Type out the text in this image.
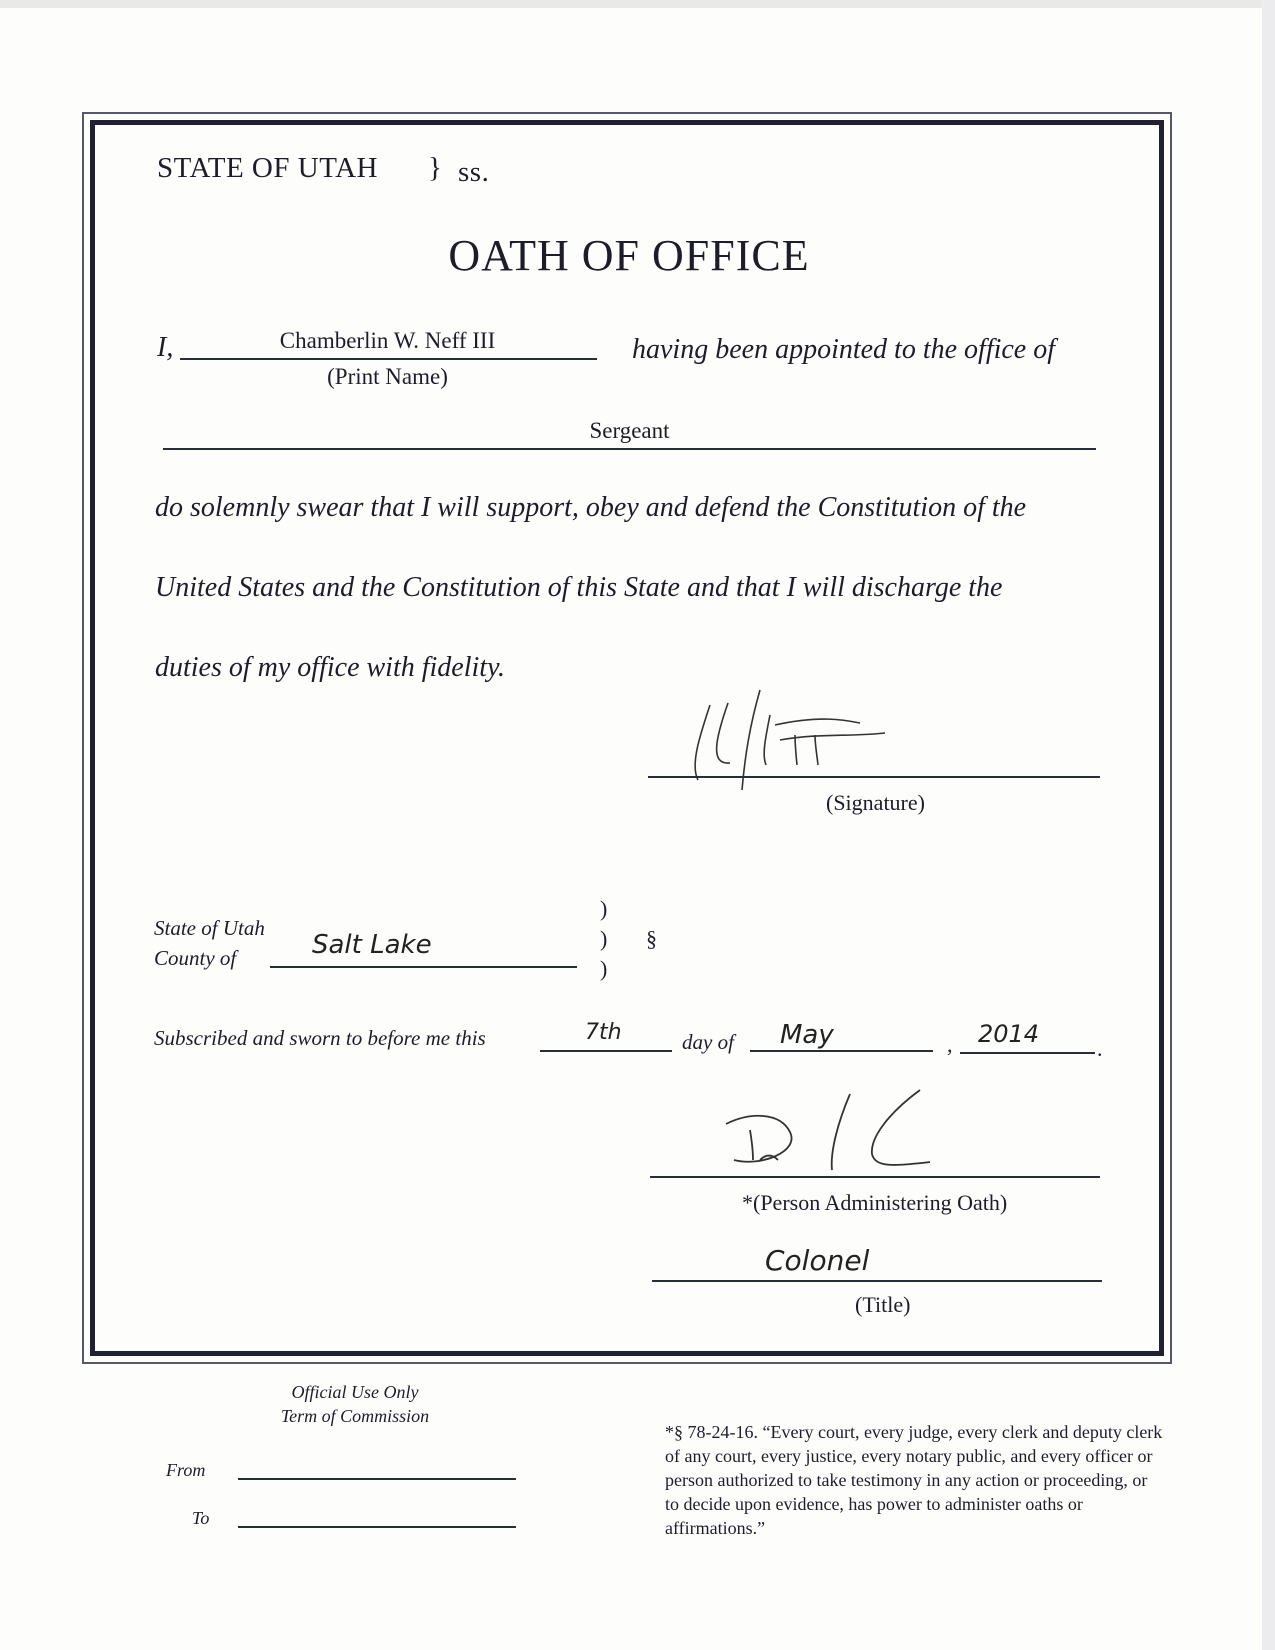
STATE OF UTAH } ss.
OATH OF OFFICE
I,	Chamberlin W. Neff III
(Print Name)
having been appointed to the office of
Sergeant
do solemnly swear that I will support, obey and defend the Constitution of the
United States and the Constitution of this State and that I will discharge the
duties of my office with fidelity.
(Signature)
State of Utah
County of	Salt Lake
)
)
)
§
Subscribed and sworn to before me this	7th	day of May	, 2014
.
*(Person Administering Oath)
Colonel
(Title)
Official Use Only
Term of Commission
From
To
*§ 78-24-16. “Every court, every judge, every clerk and deputy clerk of any court, every justice, every notary public, and every officer or person authorized to take testimony in any action or proceeding, or to decide upon evidence, has power to administer oaths or affirmations.”
